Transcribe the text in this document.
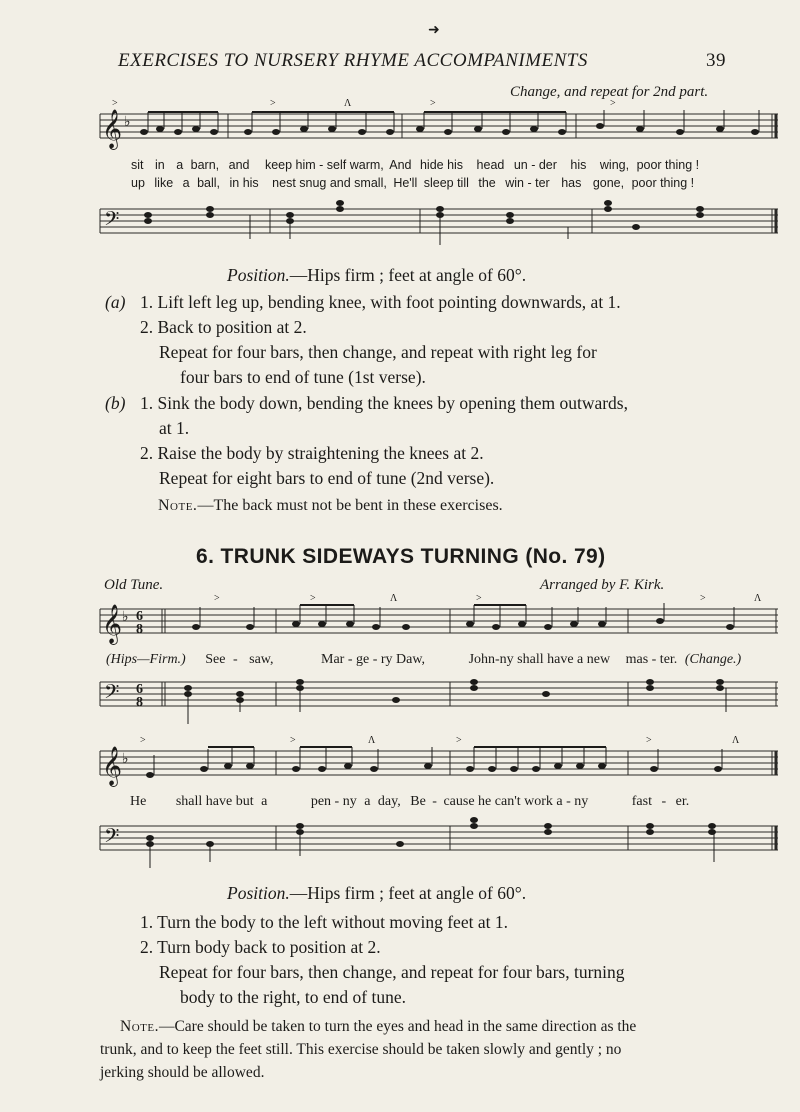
➜
EXERCISES TO NURSERY RHYME ACCOMPANIMENTS	39
Change, and repeat for 2nd part.
𝄞 ♭
>	>	Λ	>	>
sit in a barn, and keep him - self warm, And hide his head un - der his wing, poor thing !
up like a ball, in his nest snug and small, He'll sleep till the win - ter has gone, poor thing !
𝄢
Position.—Hips firm ; feet at angle of 60°.
(a) 1. Lift left leg up, bending knee, with foot pointing downwards, at 1.
2. Back to position at 2.
Repeat for four bars, then change, and repeat with right leg for
four bars to end of tune (1st verse).
(b) 1. Sink the body down, bending the knees by opening them outwards,
at 1.
2. Raise the body by straightening the knees at 2.
Repeat for eight bars to end of tune (2nd verse).
Note.—The back must not be bent in these exercises.
6. TRUNK SIDEWAYS TURNING (No. 79)
Old Tune.	Arranged by F. Kirk.
𝄞 ♭ 6
8
>	>	Λ	>	>	Λ
(Hips—Firm.) See - saw,	Mar - ge - ry Daw,	John-ny shall have a new mas - ter. (Change.)
𝄢 6
8
𝄞 ♭
>	>	Λ	>	>	Λ
He shall have but a	pen - ny a day, Be - cause he can't work a - ny	fast - er.
𝄢
Position.—Hips firm ; feet at angle of 60°.
1. Turn the body to the left without moving feet at 1.
2. Turn body back to position at 2.
Repeat for four bars, then change, and repeat for four bars, turning
body to the right, to end of tune.
Note.—Care should be taken to turn the eyes and head in the same direction as the
trunk, and to keep the feet still. This exercise should be taken slowly and gently ; no
jerking should be allowed.
